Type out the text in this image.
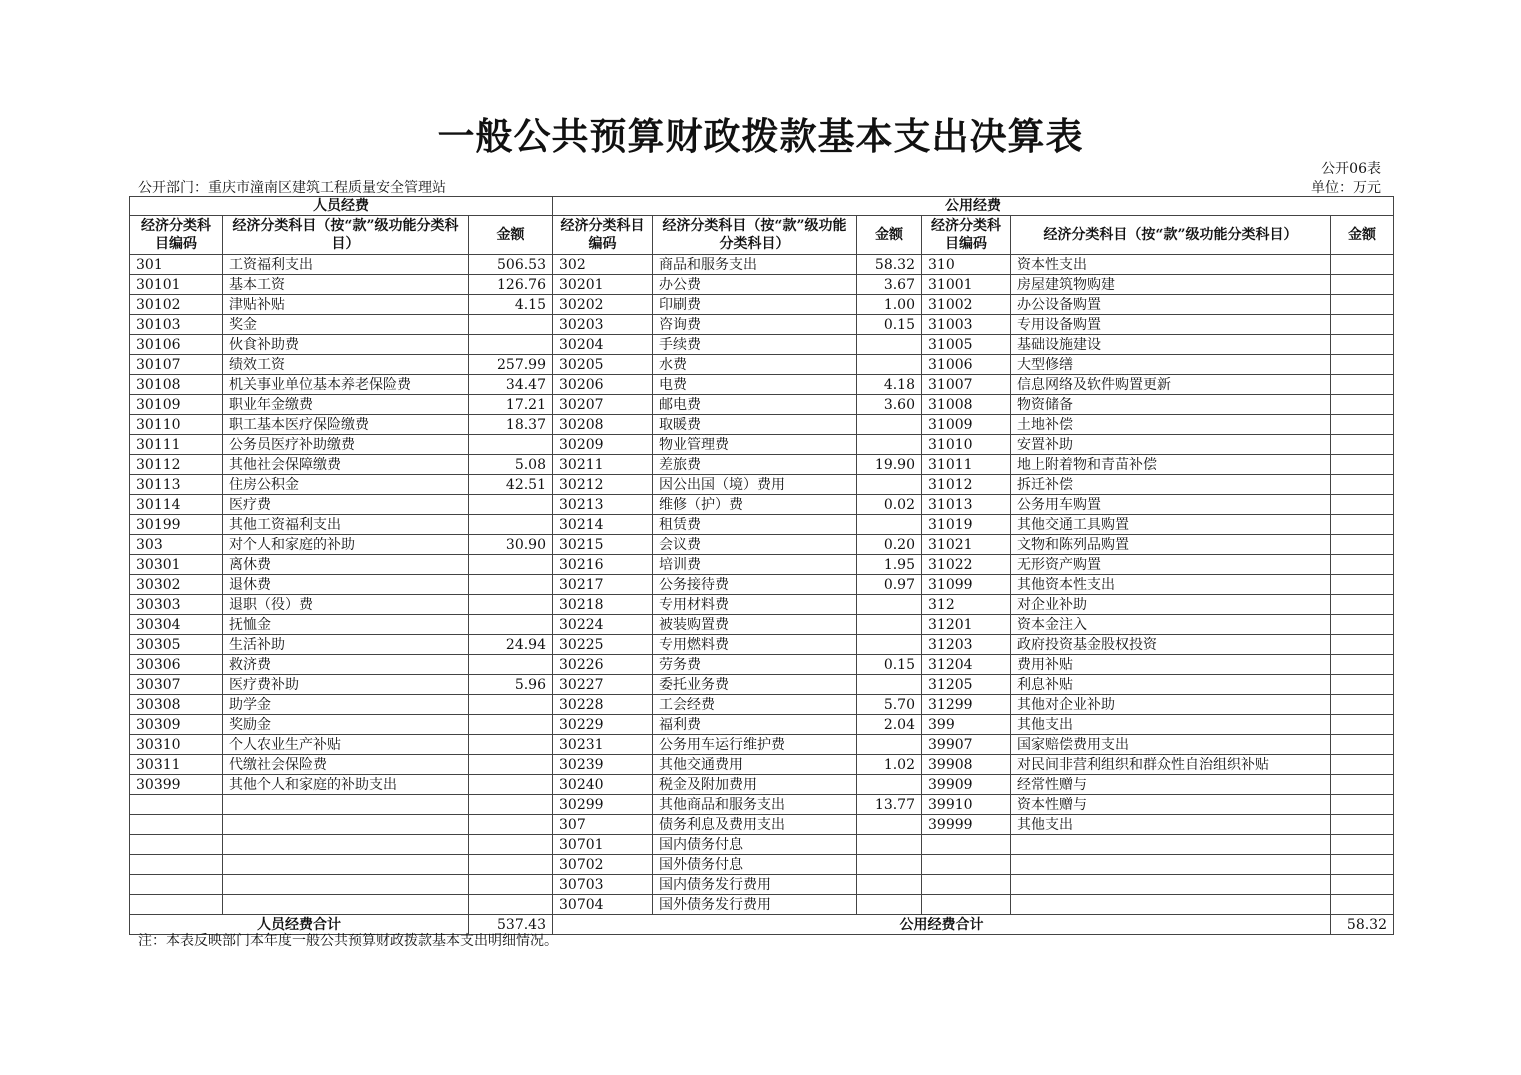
一般公共预算财政拨款基本支出决算表
公开06表
单位：万元
公开部门：重庆市潼南区建筑工程质量安全管理站
人员经费			公用经费					
经济分类科目编码	经济分类科目（按“款”级功能分类科目）	金额	经济分类科目编码	经济分类科目（按“款”级功能分类科目）	金额	经济分类科目编码	经济分类科目（按“款”级功能分类科目）	金额
301	工资福利支出	506.53	302	商品和服务支出	58.32	310	资本性支出	
30101	基本工资	126.76	30201	办公费	3.67	31001	房屋建筑物购建	
30102	津贴补贴	4.15	30202	印刷费	1.00	31002	办公设备购置	
30103	奖金		30203	咨询费	0.15	31003	专用设备购置	
30106	伙食补助费		30204	手续费		31005	基础设施建设	
30107	绩效工资	257.99	30205	水费		31006	大型修缮	
30108	机关事业单位基本养老保险费	34.47	30206	电费	4.18	31007	信息网络及软件购置更新	
30109	职业年金缴费	17.21	30207	邮电费	3.60	31008	物资储备	
30110	职工基本医疗保险缴费	18.37	30208	取暖费		31009	土地补偿	
30111	公务员医疗补助缴费		30209	物业管理费		31010	安置补助	
30112	其他社会保障缴费	5.08	30211	差旅费	19.90	31011	地上附着物和青苗补偿	
30113	住房公积金	42.51	30212	因公出国（境）费用		31012	拆迁补偿	
30114	医疗费		30213	维修（护）费	0.02	31013	公务用车购置	
30199	其他工资福利支出		30214	租赁费		31019	其他交通工具购置	
303	对个人和家庭的补助	30.90	30215	会议费	0.20	31021	文物和陈列品购置	
30301	离休费		30216	培训费	1.95	31022	无形资产购置	
30302	退休费		30217	公务接待费	0.97	31099	其他资本性支出	
30303	退职（役）费		30218	专用材料费		312	对企业补助	
30304	抚恤金		30224	被装购置费		31201	资本金注入	
30305	生活补助	24.94	30225	专用燃料费		31203	政府投资基金股权投资	
30306	救济费		30226	劳务费	0.15	31204	费用补贴	
30307	医疗费补助	5.96	30227	委托业务费		31205	利息补贴	
30308	助学金		30228	工会经费	5.70	31299	其他对企业补助	
30309	奖励金		30229	福利费	2.04	399	其他支出	
30310	个人农业生产补贴		30231	公务用车运行维护费		39907	国家赔偿费用支出	
30311	代缴社会保险费		30239	其他交通费用	1.02	39908	对民间非营利组织和群众性自治组织补贴	
30399	其他个人和家庭的补助支出		30240	税金及附加费用		39909	经常性赠与	
			30299	其他商品和服务支出	13.77	39910	资本性赠与	
			307	债务利息及费用支出		39999	其他支出	
			30701	国内债务付息				
			30702	国外债务付息				
			30703	国内债务发行费用				
			30704	国外债务发行费用				
人员经费合计		537.43	公用经费合计					58.32
注：本表反映部门本年度一般公共预算财政拨款基本支出明细情况。
